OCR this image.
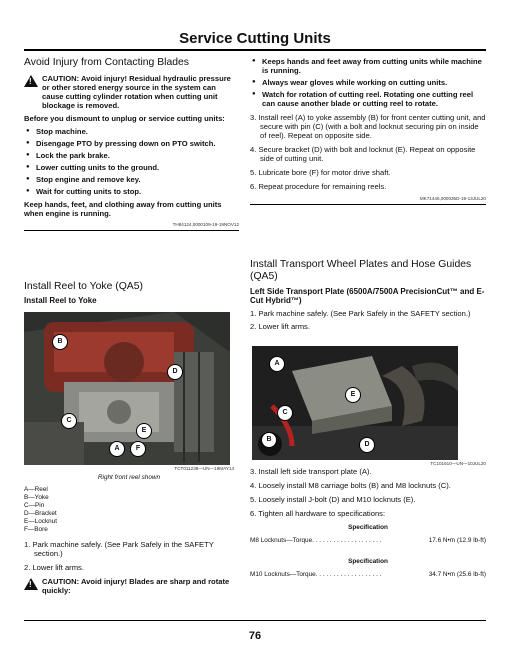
Service Cutting Units
Avoid Injury from Contacting Blades
! CAUTION: Avoid injury! Residual hydraulic pressure or other stored energy source in the system can cause cutting cylinder rotation when cutting unit blockage is removed.
Before you dismount to unplug or service cutting units:
● Stop machine.
● Disengage PTO by pressing down on PTO switch.
● Lock the park brake.
● Lower cutting units to the ground.
● Stop engine and remove key.
● Wait for cutting units to stop.
Keep hands, feet, and clothing away from cutting units when engine is running.
TH84124,0000109-19-19NOV12
Install Reel to Yoke (QA5)
Install Reel to Yoke
B
D
C
E
A	F
TCT011238—UN—19MAY14
Right front reel shown
A—Reel
B—Yoke
C—Pin
D—Bracket
E—Locknut
F—Bore
1. Park machine safely. (See Park Safely in the SAFETY section.)
2. Lower lift arms.
! CAUTION: Avoid injury! Blades are sharp and rotate quickly:
● Keeps hands and feet away from cutting units while machine is running.
● Always wear gloves while working on cutting units.
● Watch for rotation of cutting reel. Rotating one cutting reel can cause another blade or cutting reel to rotate.
3. Install reel (A) to yoke assembly (B) for front center cutting unit, and secure with pin (C) (with a bolt and locknut securing pin on inside of reel). Repeat on opposite side.
4. Secure bracket (D) with bolt and locknut (E). Repeat on opposite side of cutting unit.
5. Lubricate bore (F) for motor drive shaft.
6. Repeat procedure for remaining reels.
MK71445,000035D-19-13JUL20
Install Transport Wheel Plates and Hose Guides (QA5)
Left Side Transport Plate (6500A/7500A PrecisionCut™ and E-Cut Hybrid™)
1. Park machine safely. (See Park Safely in the SAFETY section.)
2. Lower lift arms.
A
E
C
B
D
TC101610—UN—10JUL20
3. Install left side transport plate (A).
4. Loosely install M8 carriage bolts (B) and M8 locknuts (C).
5. Loosely install J-bolt (D) and M10 locknuts (E).
6. Tighten all hardware to specifications:
Specification
M8 Locknuts—Torque. . . . . . . . . . . . . . . . . . . .	17.6 N•m (12.9 lb-ft)
Specification
M10 Locknuts—Torque. . . . . . . . . . . . . . . . . . .	34.7 N•m (25.6 lb-ft)
76
